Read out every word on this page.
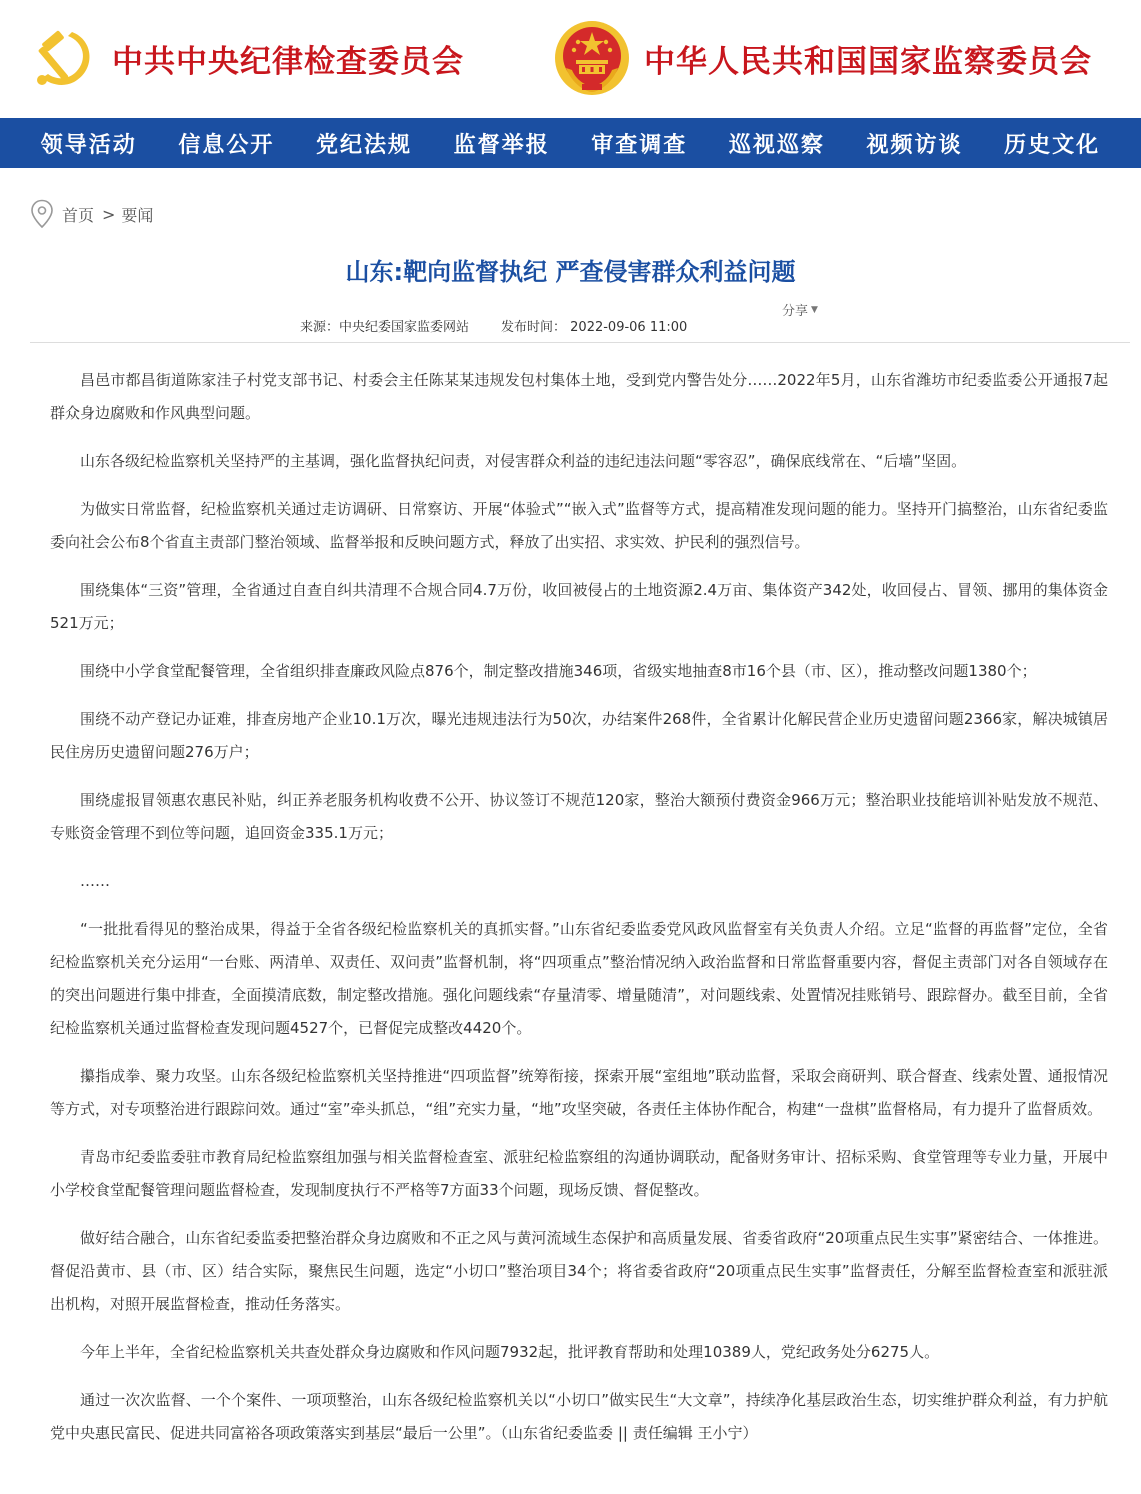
中共中央纪律检查委员会	中华人民共和国国家监察委员会
领导活动 信息公开 党纪法规 监督举报 审查调查 巡视巡察 视频访谈 历史文化
首页 > 要闻
山东:靶向监督执纪 严查侵害群众利益问题
分享 ▼
来源：中央纪委国家监委网站 发布时间： 2022-09-06 11:00

昌邑市都昌街道陈家洼子村党支部书记、村委会主任陈某某违规发包村集体土地，受到党内警告处分……2022年5月，山东省潍坊市纪委监委公开通报7起群众身边腐败和作风典型问题。

山东各级纪检监察机关坚持严的主基调，强化监督执纪问责，对侵害群众利益的违纪违法问题“零容忍”，确保底线常在、“后墙”坚固。

为做实日常监督，纪检监察机关通过走访调研、日常察访、开展“体验式”“嵌入式”监督等方式，提高精准发现问题的能力。坚持开门搞整治，山东省纪委监委向社会公布8个省直主责部门整治领域、监督举报和反映问题方式，释放了出实招、求实效、护民利的强烈信号。

围绕集体“三资”管理，全省通过自查自纠共清理不合规合同4.7万份，收回被侵占的土地资源2.4万亩、集体资产342处，收回侵占、冒领、挪用的集体资金521万元；

围绕中小学食堂配餐管理，全省组织排查廉政风险点876个，制定整改措施346项，省级实地抽查8市16个县（市、区），推动整改问题1380个；

围绕不动产登记办证难，排查房地产企业10.1万次，曝光违规违法行为50次，办结案件268件，全省累计化解民营企业历史遗留问题2366家，解决城镇居民住房历史遗留问题276万户；

围绕虚报冒领惠农惠民补贴，纠正养老服务机构收费不公开、协议签订不规范120家，整治大额预付费资金966万元；整治职业技能培训补贴发放不规范、专账资金管理不到位等问题，追回资金335.1万元；

……

“一批批看得见的整治成果，得益于全省各级纪检监察机关的真抓实督。”山东省纪委监委党风政风监督室有关负责人介绍。立足“监督的再监督”定位，全省纪检监察机关充分运用“一台账、两清单、双责任、双问责”监督机制，将“四项重点”整治情况纳入政治监督和日常监督重要内容，督促主责部门对各自领域存在的突出问题进行集中排查，全面摸清底数，制定整改措施。强化问题线索“存量清零、增量随清”，对问题线索、处置情况挂账销号、跟踪督办。截至目前，全省纪检监察机关通过监督检查发现问题4527个，已督促完成整改4420个。

攥指成拳、聚力攻坚。山东各级纪检监察机关坚持推进“四项监督”统筹衔接，探索开展“室组地”联动监督，采取会商研判、联合督查、线索处置、通报情况等方式，对专项整治进行跟踪问效。通过“室”牵头抓总，“组”充实力量，“地”攻坚突破，各责任主体协作配合，构建“一盘棋”监督格局，有力提升了监督质效。

青岛市纪委监委驻市教育局纪检监察组加强与相关监督检查室、派驻纪检监察组的沟通协调联动，配备财务审计、招标采购、食堂管理等专业力量，开展中小学校食堂配餐管理问题监督检查，发现制度执行不严格等7方面33个问题，现场反馈、督促整改。

做好结合融合，山东省纪委监委把整治群众身边腐败和不正之风与黄河流域生态保护和高质量发展、省委省政府“20项重点民生实事”紧密结合、一体推进。督促沿黄市、县（市、区）结合实际，聚焦民生问题，选定“小切口”整治项目34个；将省委省政府“20项重点民生实事”监督责任，分解至监督检查室和派驻派出机构，对照开展监督检查，推动任务落实。

今年上半年，全省纪检监察机关共查处群众身边腐败和作风问题7932起，批评教育帮助和处理10389人，党纪政务处分6275人。

通过一次次监督、一个个案件、一项项整治，山东各级纪检监察机关以“小切口”做实民生“大文章”，持续净化基层政治生态，切实维护群众利益，有力护航党中央惠民富民、促进共同富裕各项政策落实到基层“最后一公里”。（山东省纪委监委 || 责任编辑 王小宁）
